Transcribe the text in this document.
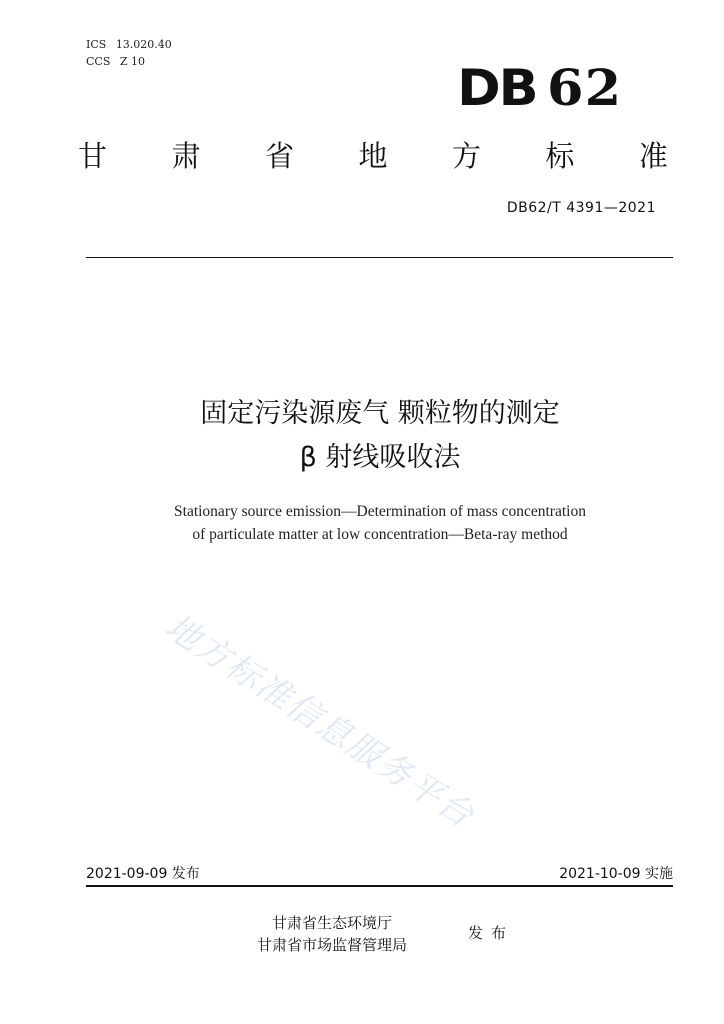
ICS 13.020.40
CCS Z 10	DB 62
甘 肃 省 地 方 标 准
DB62/T 4391—2021
固定污染源废气 颗粒物的测定
β 射线吸收法
Stationary source emission—Determination of mass concentration
of particulate matter at low concentration—Beta-ray method
地方标准信息服务平台
2021-09-09 发布	2021-10-09 实施
甘肃省生态环境厅
甘肃省市场监督管理局
发布
